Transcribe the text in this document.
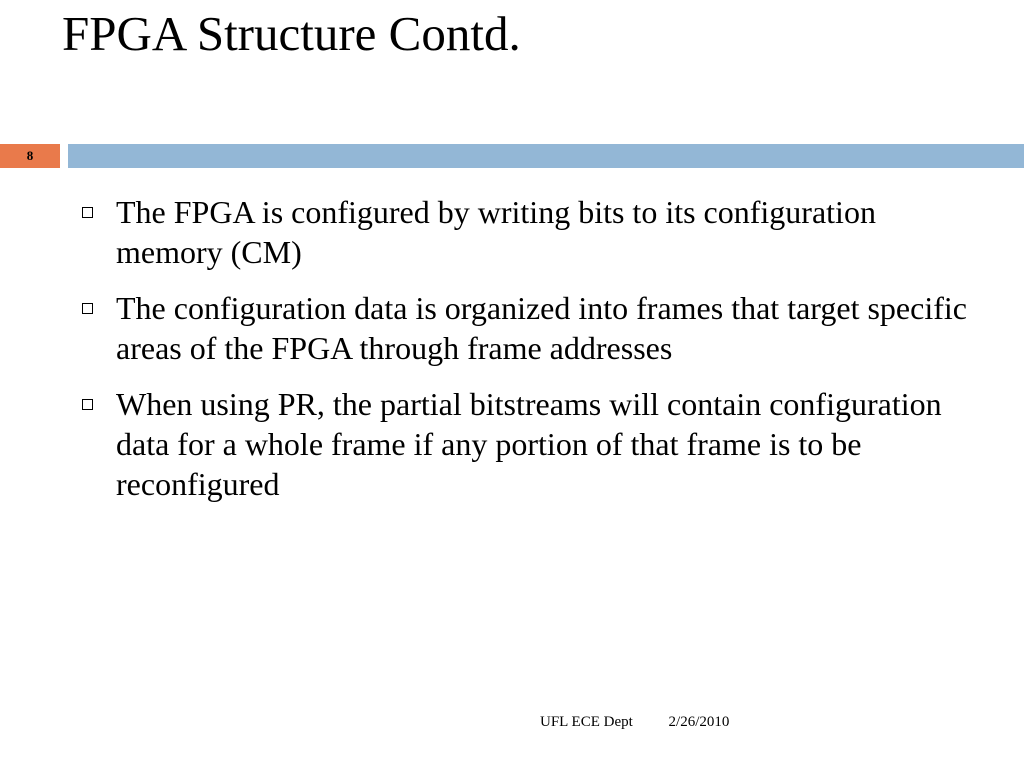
FPGA Structure Contd.
8
The FPGA is configured by writing bits to its configuration memory (CM)
The configuration data is organized into frames that target specific areas of the FPGA through frame addresses
When using PR, the partial bitstreams will contain configuration data for a whole frame if any portion of that frame is to be reconfigured
UFL ECE Dept 2/26/2010
